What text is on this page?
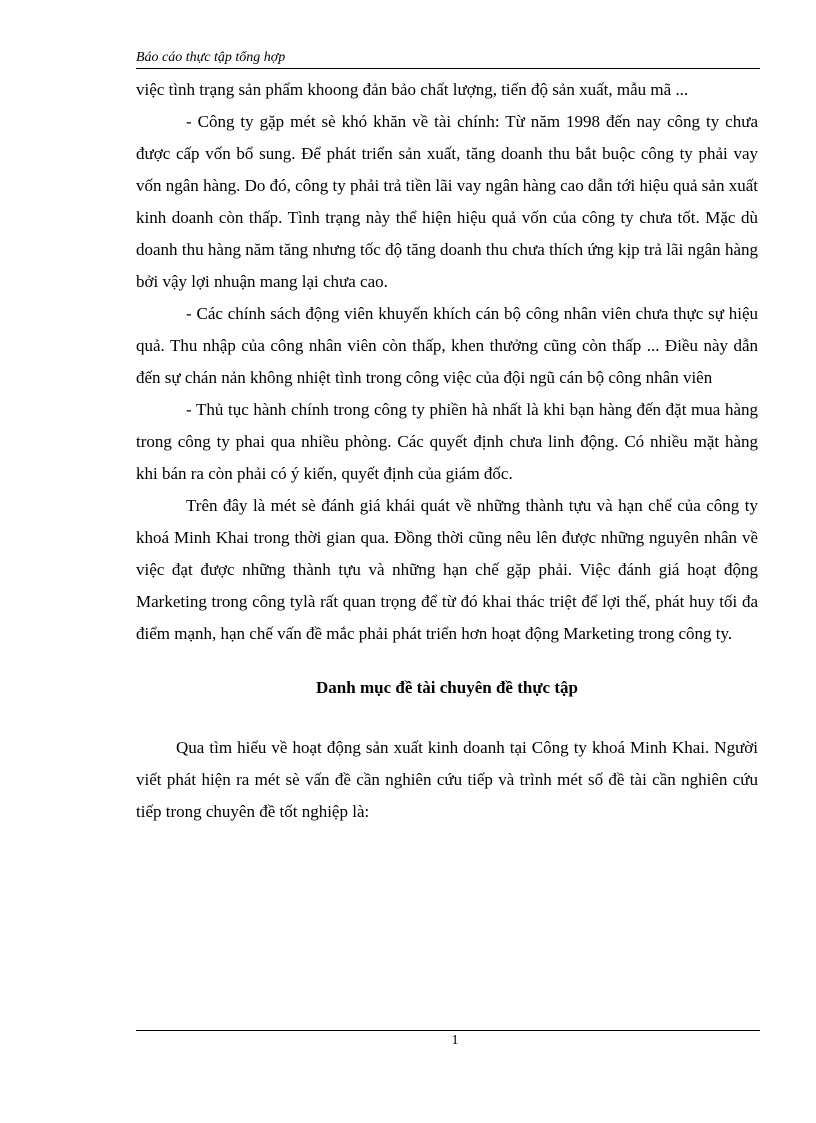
Báo cáo thực tập tổng hợp

việc tình trạng sản phẩm khoong đản bảo chất lượng, tiến độ sản xuất, mẫu mã ...

- Công ty gặp mét sè khó khăn về tài chính: Từ năm 1998 đến nay công ty chưa được cấp vốn bổ sung. Để phát triển sản xuất, tăng doanh thu bắt buộc công ty phải vay vốn ngân hàng. Do đó, công ty phải trả tiền lãi vay ngân hàng cao dẫn tới hiệu quả sản xuất kinh doanh còn thấp. Tình trạng này thể hiện hiệu quả vốn của công ty chưa tốt. Mặc dù doanh thu hàng năm tăng nhưng tốc độ tăng doanh thu chưa thích ứng kịp trả lãi ngân hàng bởi vậy lợi nhuận mang lại chưa cao.

- Các chính sách động viên khuyến khích cán bộ công nhân viên chưa thực sự hiệu quả. Thu nhập của công nhân viên còn thấp, khen thưởng cũng còn thấp ... Điều này dẫn đến sự chán nản không nhiệt tình trong công việc của đội ngũ cán bộ công nhân viên

- Thủ tục hành chính trong công ty phiền hà nhất là khi bạn hàng đến đặt mua hàng trong công ty phai qua nhiều phòng. Các quyết định chưa linh động. Có nhiều mặt hàng khi bán ra còn phải có ý kiến, quyết định của giám đốc.

Trên đây là mét sè đánh giá khái quát về những thành tựu và hạn chế của công ty khoá Minh Khai trong thời gian qua. Đồng thời cũng nêu lên được những nguyên nhân về việc đạt được những thành tựu và những hạn chế gặp phải. Việc đánh giá hoạt động Marketing trong công tylà rất quan trọng để từ đó khai thác triệt để lợi thế, phát huy tối đa điểm mạnh, hạn chế vấn đề mắc phải phát triển hơn hoạt động Marketing trong công ty.

Danh mục đề tài chuyên đề thực tập

Qua tìm hiểu về hoạt động sản xuất kinh doanh tại Công ty khoá Minh Khai. Người viết phát hiện ra mét sè vấn đề cần nghiên cứu tiếp và trình mét số đề tài cần nghiên cứu tiếp trong chuyên đề tốt nghiệp là:

1
